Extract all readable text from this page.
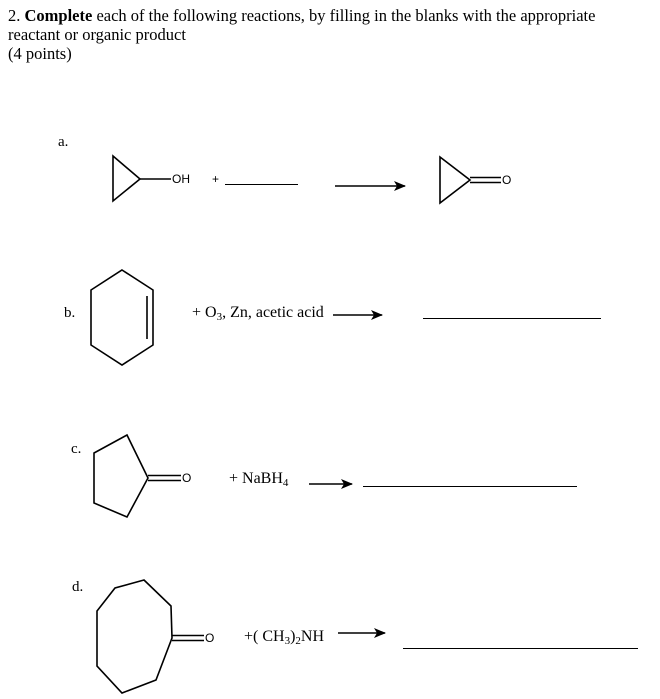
2. Complete each of the following reactions, by filling in the blanks with the appropriate

reactant or organic product

(4 points)

a.
OH +	O
b.	+ $O_3$, Zn, acetic acid
c.
O + NaBH$_4$
d.
O +( $CH_3)_2NH$
